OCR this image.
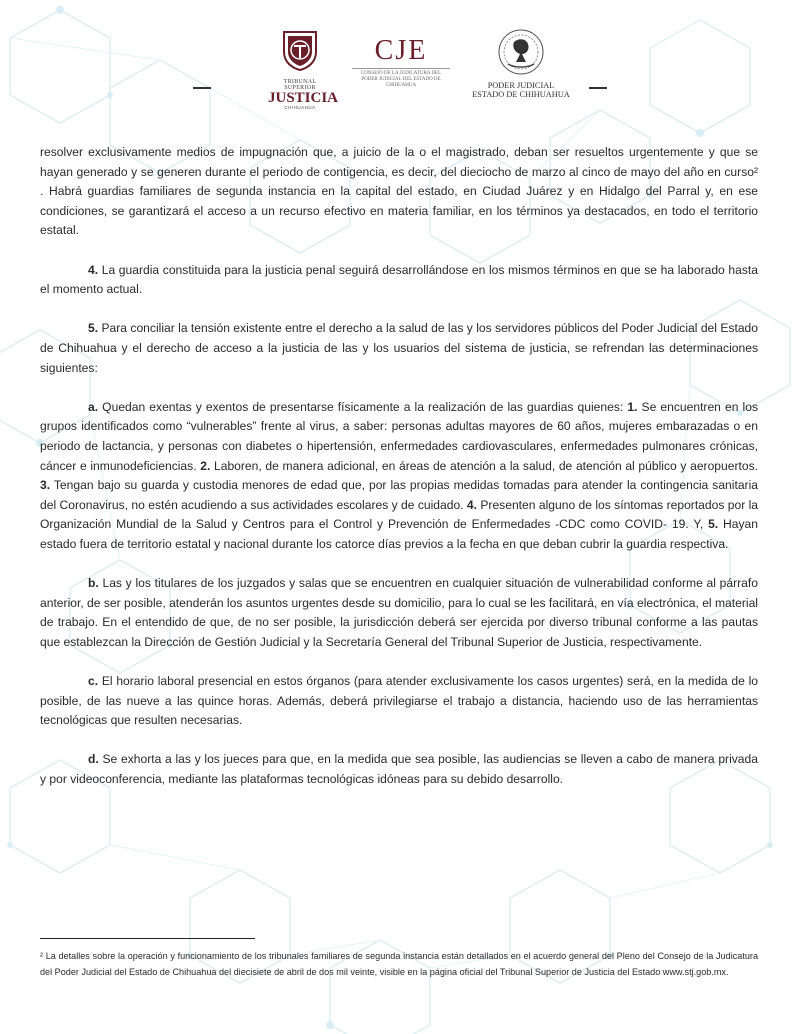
TRIBUNAL SUPERIOR
JUSTICIA
CHIHUAHUA
CJE
CONSEJO DE LA JUDICATURA DEL
PODER JUDICIAL DEL ESTADO DE CHIHUAHUA	PODER JUDICIAL
ESTADO DE CHIHUAHUA

resolver exclusivamente medios de impugnación que, a juicio de la o el magistrado, deban ser resueltos urgentemente y que se hayan generado y se generen durante el periodo de contigencia, es decir, del dieciocho de marzo al cinco de mayo del año en curso² . Habrá guardias familiares de segunda instancia en la capital del estado, en Ciudad Juárez y en Hidalgo del Parral y, en ese condiciones, se garantizará el acceso a un recurso efectivo en materia familiar, en los términos ya destacados, en todo el territorio estatal.

4. La guardia constituida para la justicia penal seguirá desarrollándose en los mismos términos en que se ha laborado hasta el momento actual.

5. Para conciliar la tensión existente entre el derecho a la salud de las y los servidores públicos del Poder Judicial del Estado de Chihuahua y el derecho de acceso a la justicia de las y los usuarios del sistema de justicia, se refrendan las determinaciones siguientes:

a. Quedan exentas y exentos de presentarse físicamente a la realización de las guardias quienes: 1. Se encuentren en los grupos identificados como “vulnerables” frente al virus, a saber: personas adultas mayores de 60 años, mujeres embarazadas o en periodo de lactancia, y personas con diabetes o hipertensión, enfermedades cardiovasculares, enfermedades pulmonares crónicas, cáncer e inmunodeficiencias. 2. Laboren, de manera adicional, en áreas de atención a la salud, de atención al público y aeropuertos. 3. Tengan bajo su guarda y custodia menores de edad que, por las propias medidas tomadas para atender la contingencia sanitaria del Coronavirus, no estén acudiendo a sus actividades escolares y de cuidado. 4. Presenten alguno de los síntomas reportados por la Organización Mundial de la Salud y Centros para el Control y Prevención de Enfermedades -CDC como COVID- 19. Y, 5. Hayan estado fuera de territorio estatal y nacional durante los catorce días previos a la fecha en que deban cubrir la guardia respectiva.

b. Las y los titulares de los juzgados y salas que se encuentren en cualquier situación de vulnerabilidad conforme al párrafo anterior, de ser posible, atenderán los asuntos urgentes desde su domicilio, para lo cual se les facilitará, en vía electrónica, el material de trabajo. En el entendido de que, de no ser posible, la jurisdicción deberá ser ejercida por diverso tribunal conforme a las pautas que establezcan la Dirección de Gestión Judicial y la Secretaría General del Tribunal Superior de Justicia, respectivamente.

c. El horario laboral presencial en estos órganos (para atender exclusivamente los casos urgentes) será, en la medida de lo posible, de las nueve a las quince horas. Además, deberá privilegiarse el trabajo a distancia, haciendo uso de las herramientas tecnológicas que resulten necesarias.

d. Se exhorta a las y los jueces para que, en la medida que sea posible, las audiencias se lleven a cabo de manera privada y por videoconferencia, mediante las plataformas tecnológicas idóneas para su debido desarrollo.

² La detalles sobre la operación y funcionamiento de los tribunales familiares de segunda instancia están detallados en el acuerdo general del Pleno del Consejo de la Judicatura del Poder Judicial del Estado de Chihuahua del diecisiete de abril de dos mil veinte, visible en la página oficial del Tribunal Superior de Justicia del Estado www.stj.gob.mx.
